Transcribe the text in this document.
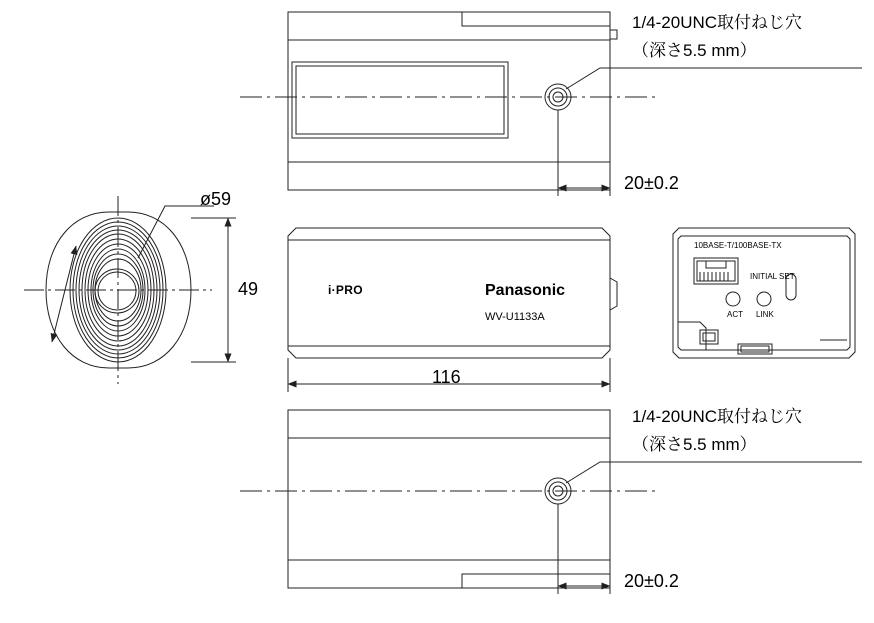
1/4-20UNC取付ねじ穴
（深さ5.5 mm）
20±0.2
ø59
49	i·PRO	Panasonic
WV-U1133A
116
10BASE-T/100BASE-TX
INITIAL SET
ACT LINK
1/4-20UNC取付ねじ穴
（深さ5.5 mm）
20±0.2
